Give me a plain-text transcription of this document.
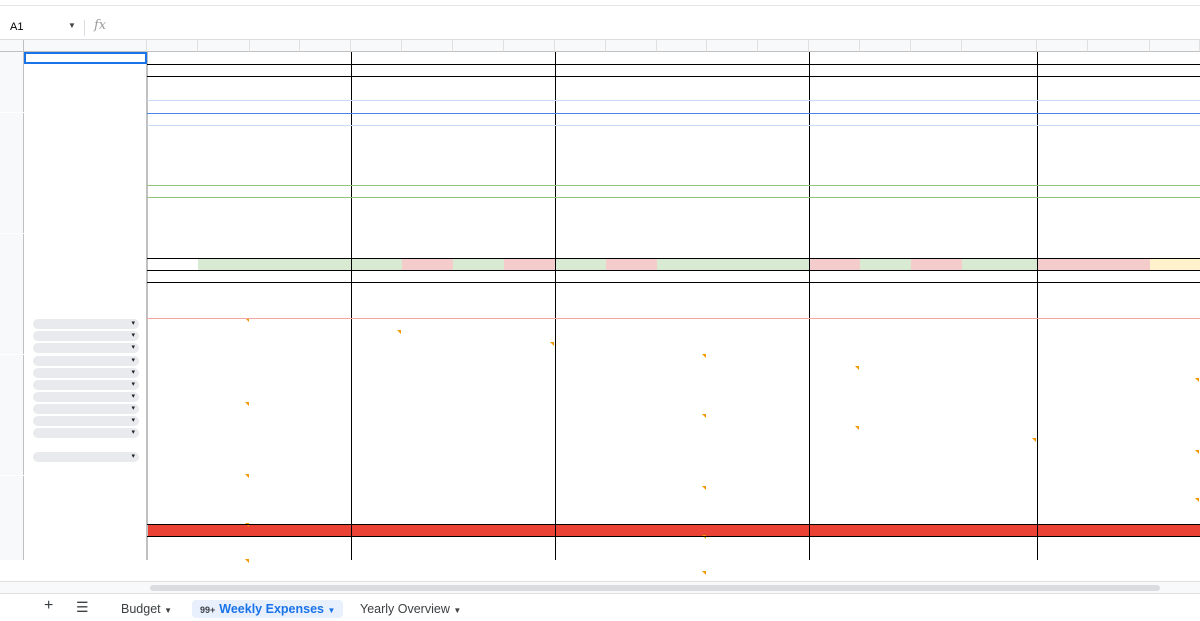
A1	▼ fx
▾
▾
▾
▾
▾
▾
▾
▾
▾
▾
▾
+ ☰	Budget ▼	99+ Weekly Expenses ▼	Yearly Overview ▼
